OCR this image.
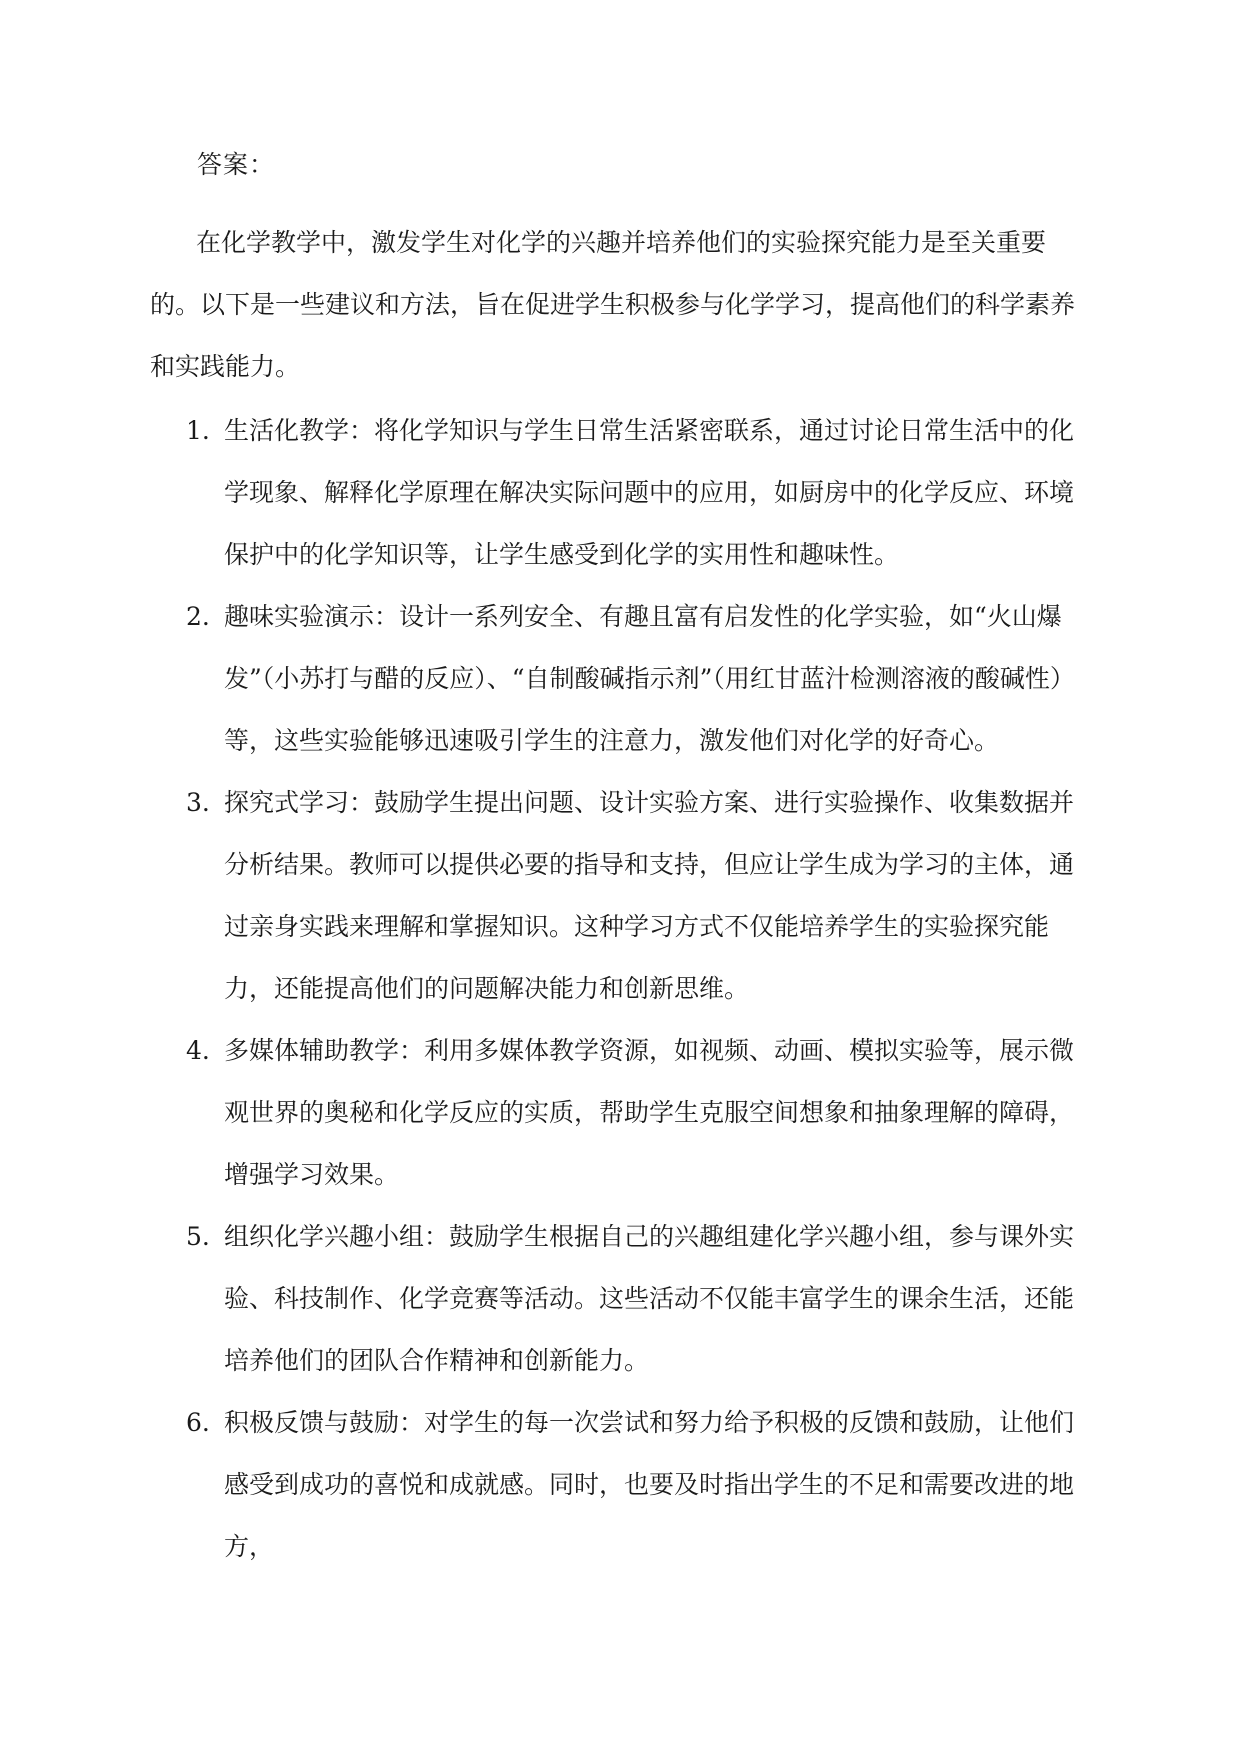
答案：

在化学教学中，激发学生对化学的兴趣并培养他们的实验探究能力是至关重要的。以下是一些建议和方法，旨在促进学生积极参与化学学习，提高他们的科学素养和实践能力。

1. 生活化教学：将化学知识与学生日常生活紧密联系，通过讨论日常生活中的化学现象、解释化学原理在解决实际问题中的应用，如厨房中的化学反应、环境保护中的化学知识等，让学生感受到化学的实用性和趣味性。

2. 趣味实验演示：设计一系列安全、有趣且富有启发性的化学实验，如“火山爆发”（小苏打与醋的反应）、“自制酸碱指示剂”（用红甘蓝汁检测溶液的酸碱性）等，这些实验能够迅速吸引学生的注意力，激发他们对化学的好奇心。

3. 探究式学习：鼓励学生提出问题、设计实验方案、进行实验操作、收集数据并分析结果。教师可以提供必要的指导和支持，但应让学生成为学习的主体，通过亲身实践来理解和掌握知识。这种学习方式不仅能培养学生的实验探究能力，还能提高他们的问题解决能力和创新思维。

4. 多媒体辅助教学：利用多媒体教学资源，如视频、动画、模拟实验等，展示微观世界的奥秘和化学反应的实质，帮助学生克服空间想象和抽象理解的障碍，增强学习效果。

5. 组织化学兴趣小组：鼓励学生根据自己的兴趣组建化学兴趣小组，参与课外实验、科技制作、化学竞赛等活动。这些活动不仅能丰富学生的课余生活，还能培养他们的团队合作精神和创新能力。

6. 积极反馈与鼓励：对学生的每一次尝试和努力给予积极的反馈和鼓励，让他们感受到成功的喜悦和成就感。同时，也要及时指出学生的不足和需要改进的地方，
